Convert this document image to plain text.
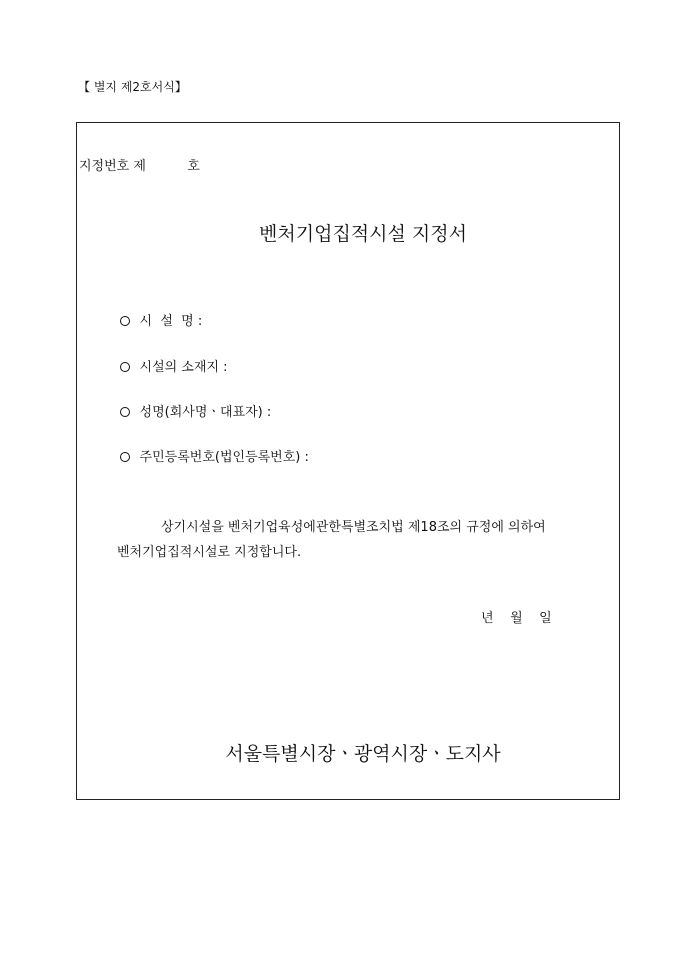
【 별지 제2호서식】
지정번호 제          호
벤처기업집적시설 지정서

시  설  명 :

시설의 소재지 :

성명(회사명ㆍ대표자) :

주민등록번호(법인등록번호) :

상기시설을 벤처기업육성에관한특별조치법 제18조의 규정에 의하여
벤처기업집적시설로 지정합니다.
년    월    일
서울특별시장ㆍ광역시장ㆍ도지사
